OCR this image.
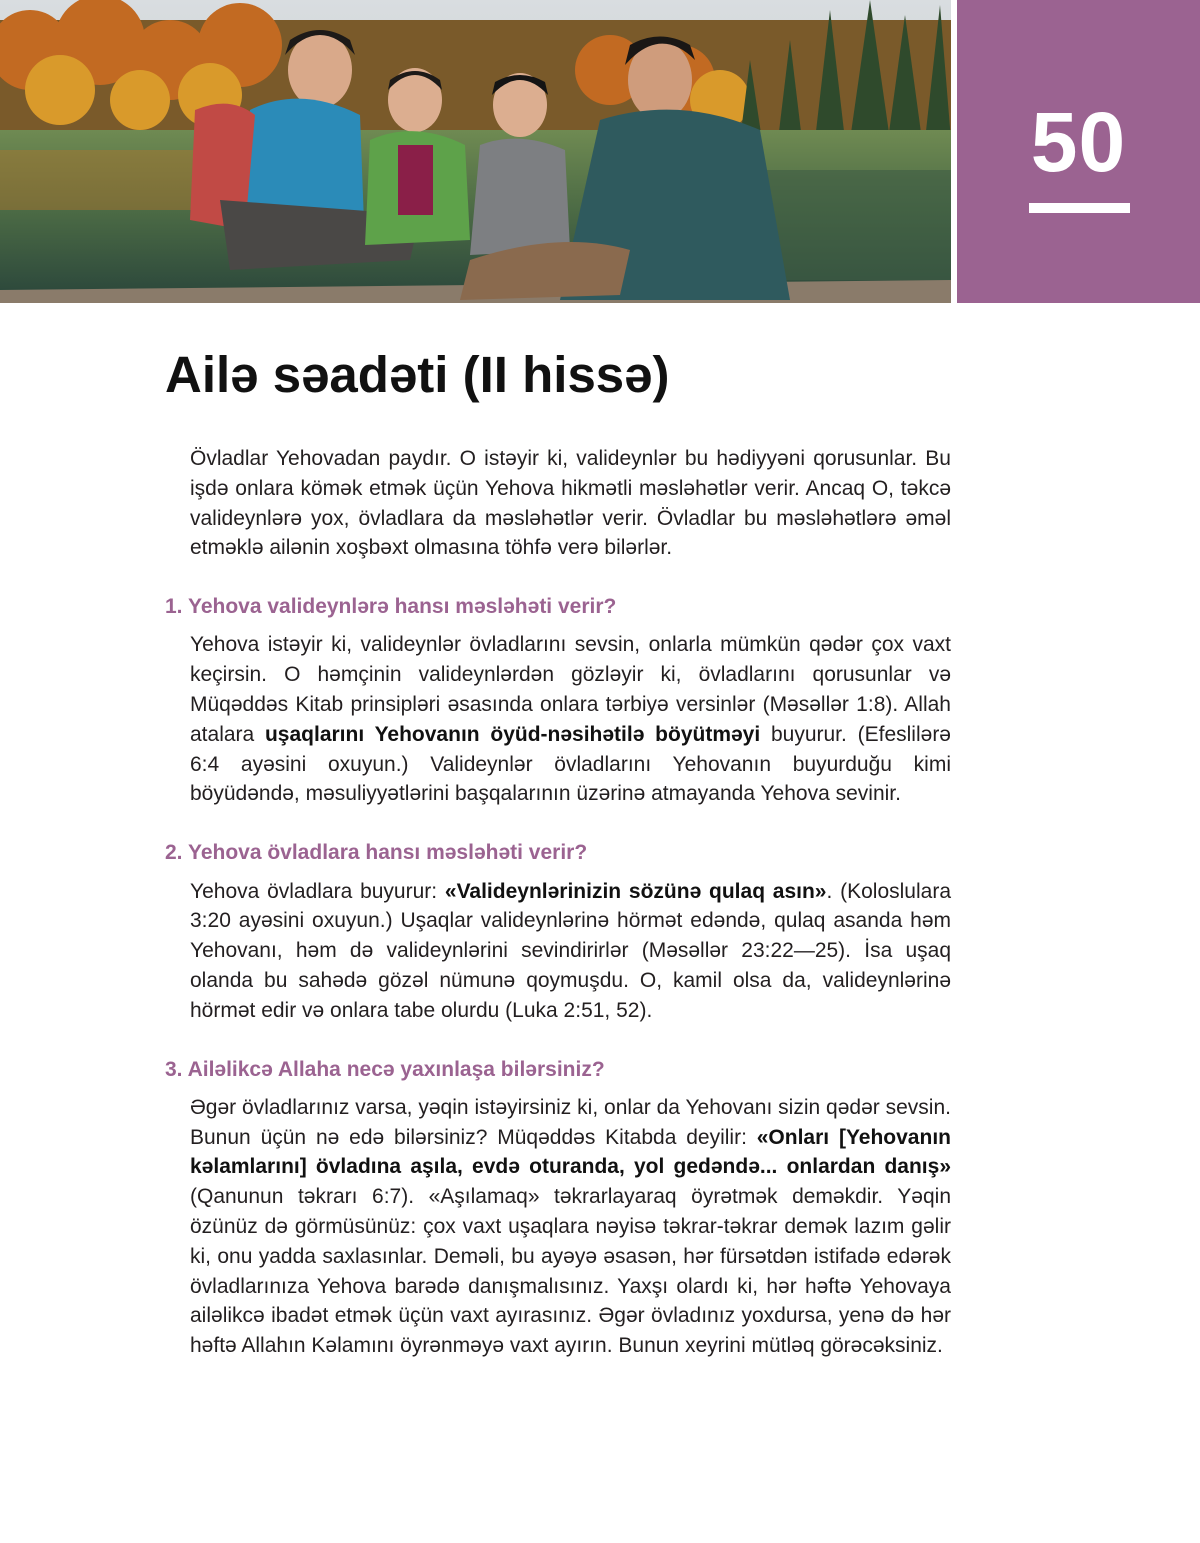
50
Ailə səadəti (II hissə)

Övladlar Yehovadan paydır. O istəyir ki, valideynlər bu hədiyyəni qorusunlar. Bu işdə onlara kömək etmək üçün Yehova hikmətli məsləhətlər verir. Ancaq O, təkcə valideynlərə yox, övladlara da məsləhətlər verir. Övladlar bu məsləhətlərə əməl etməklə ailənin xoşbəxt olmasına töhfə verə bilərlər.

1. Yehova valideynlərə hansı məsləhəti verir?

Yehova istəyir ki, valideynlər övladlarını sevsin, onlarla mümkün qədər çox vaxt keçirsin. O həmçinin valideynlərdən gözləyir ki, övladlarını qorusunlar və Müqəddəs Kitab prinsipləri əsasında onlara tərbiyə versinlər (Məsəllər 1:8). Allah atalara uşaqlarını Yehovanın öyüd-nəsihətilə böyütməyi buyurur. (Efeslilərə 6:4 ayəsini oxuyun.) Valideynlər övladlarını Yehovanın buyurduğu kimi böyüdəndə, məsuliyyətlərini başqalarının üzərinə atmayanda Yehova sevinir.

2. Yehova övladlara hansı məsləhəti verir?

Yehova övladlara buyurur: «Valideynlərinizin sözünə qulaq asın». (Koloslulara 3:20 ayəsini oxuyun.) Uşaqlar valideynlərinə hörmət edəndə, qulaq asanda həm Yehovanı, həm də valideynlərini sevindirirlər (Məsəllər 23:22—25). İsa uşaq olanda bu sahədə gözəl nümunə qoymuşdu. O, kamil olsa da, valideynlərinə hörmət edir və onlara tabe olurdu (Luka 2:51, 52).

3. Ailəlikcə Allaha necə yaxınlaşa bilərsiniz?

Əgər övladlarınız varsa, yəqin istəyirsiniz ki, onlar da Yehovanı sizin qədər sevsin. Bunun üçün nə edə bilərsiniz? Müqəddəs Kitabda deyilir: «Onları [Yehovanın kəlamlarını] övladına aşıla, evdə oturanda, yol gedəndə... onlardan danış» (Qanunun təkrarı 6:7). «Aşılamaq» təkrarlayaraq öyrətmək deməkdir. Yəqin özünüz də görmüsünüz: çox vaxt uşaqlara nəyisə təkrar-təkrar demək lazım gəlir ki, onu yadda saxlasınlar. Deməli, bu ayəyə əsasən, hər fürsətdən istifadə edərək övladlarınıza Yehova barədə danışmalısınız. Yaxşı olardı ki, hər həftə Yehovaya ailəlikcə ibadət etmək üçün vaxt ayırasınız. Əgər övladınız yoxdursa, yenə də hər həftə Allahın Kəlamını öyrənməyə vaxt ayırın. Bunun xeyrini mütləq görəcəksiniz.
